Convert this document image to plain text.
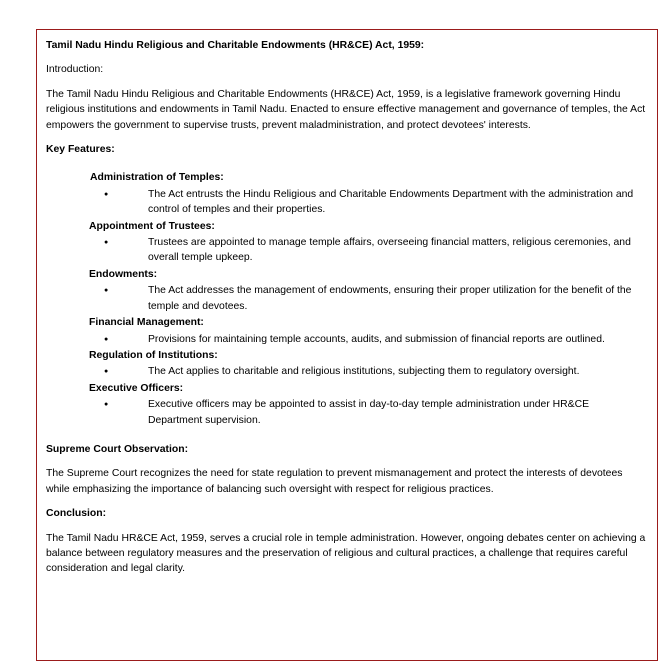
Tamil Nadu Hindu Religious and Charitable Endowments (HR&CE) Act, 1959:
Introduction:
The Tamil Nadu Hindu Religious and Charitable Endowments (HR&CE) Act, 1959, is a legislative framework governing Hindu religious institutions and endowments in Tamil Nadu. Enacted to ensure effective management and governance of temples, the Act empowers the government to supervise trusts, prevent maladministration, and protect devotees' interests.
Key Features:
Administration of Temples:
●	The Act entrusts the Hindu Religious and Charitable Endowments Department with the administration and control of temples and their properties.
Appointment of Trustees:
●	Trustees are appointed to manage temple affairs, overseeing financial matters, religious ceremonies, and overall temple upkeep.
Endowments:
●	The Act addresses the management of endowments, ensuring their proper utilization for the benefit of the temple and devotees.
Financial Management:
●	Provisions for maintaining temple accounts, audits, and submission of financial reports are outlined.
Regulation of Institutions:
●	The Act applies to charitable and religious institutions, subjecting them to regulatory oversight.
Executive Officers:
●	Executive officers may be appointed to assist in day-to-day temple administration under HR&CE Department supervision.
Supreme Court Observation:
The Supreme Court recognizes the need for state regulation to prevent mismanagement and protect the interests of devotees while emphasizing the importance of balancing such oversight with respect for religious practices.
Conclusion:
The Tamil Nadu HR&CE Act, 1959, serves a crucial role in temple administration. However, ongoing debates center on achieving a balance between regulatory measures and the preservation of religious and cultural practices, a challenge that requires careful consideration and legal clarity.
